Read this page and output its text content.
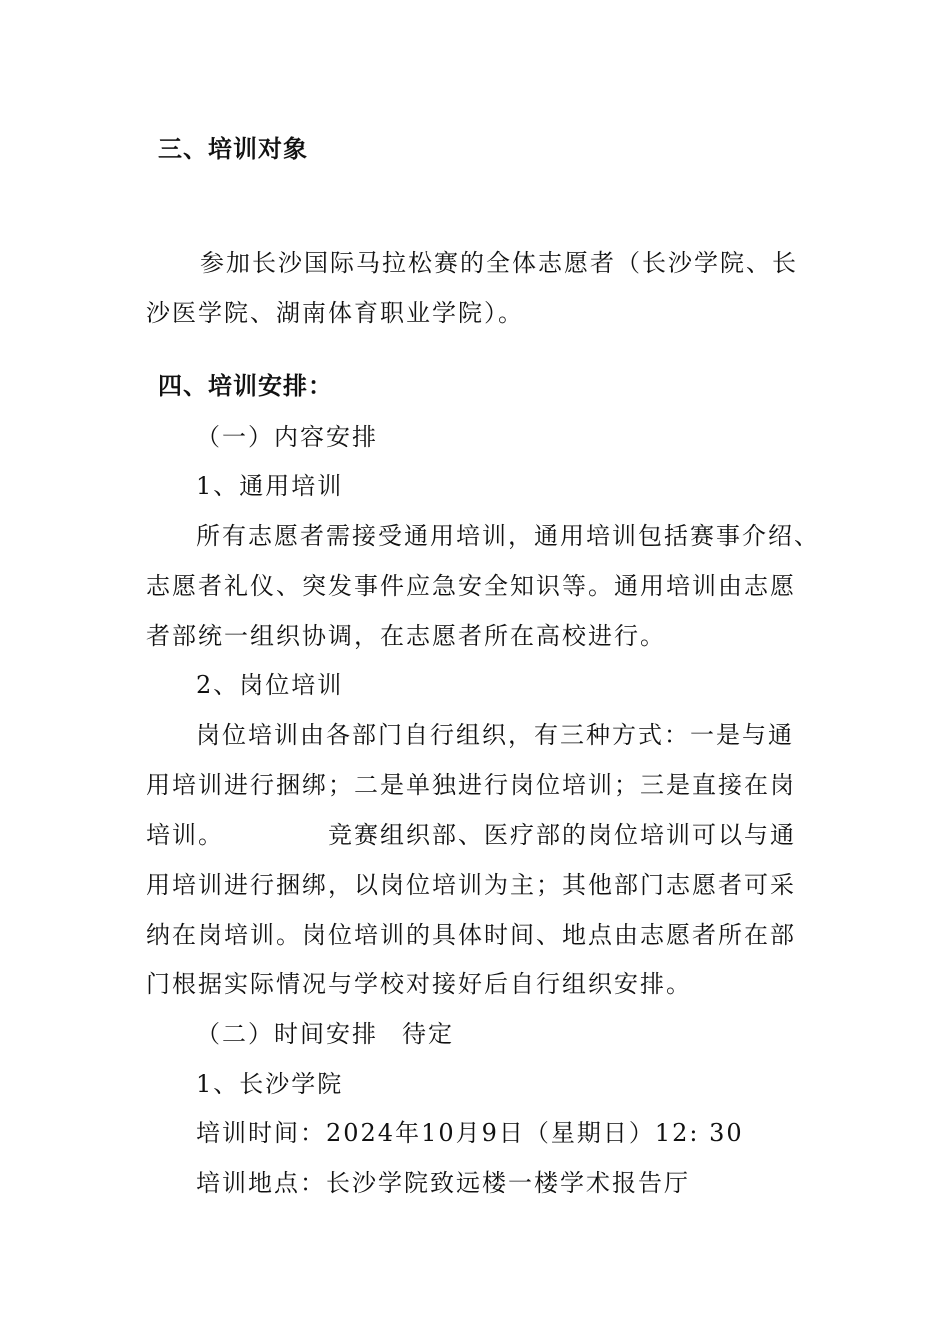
三、培训对象
参加长沙国际马拉松赛的全体志愿者（长沙学院、长
沙医学院、湖南体育职业学院）。
四、培训安排：
（一）内容安排
1、通用培训
所有志愿者需接受通用培训，通用培训包括赛事介绍、
志愿者礼仪、突发事件应急安全知识等。通用培训由志愿
者部统一组织协调，在志愿者所在高校进行。
2、岗位培训
岗位培训由各部门自行组织，有三种方式：一是与通
用培训进行捆绑；二是单独进行岗位培训；三是直接在岗
培训。	竞赛组织部、医疗部的岗位培训可以与通
用培训进行捆绑，以岗位培训为主；其他部门志愿者可采
纳在岗培训。岗位培训的具体时间、地点由志愿者所在部
门根据实际情况与学校对接好后自行组织安排。
（二）时间安排 待定
1、长沙学院
培训时间：2024年10月9日（星期日）12: 30
培训地点：长沙学院致远楼一楼学术报告厅
